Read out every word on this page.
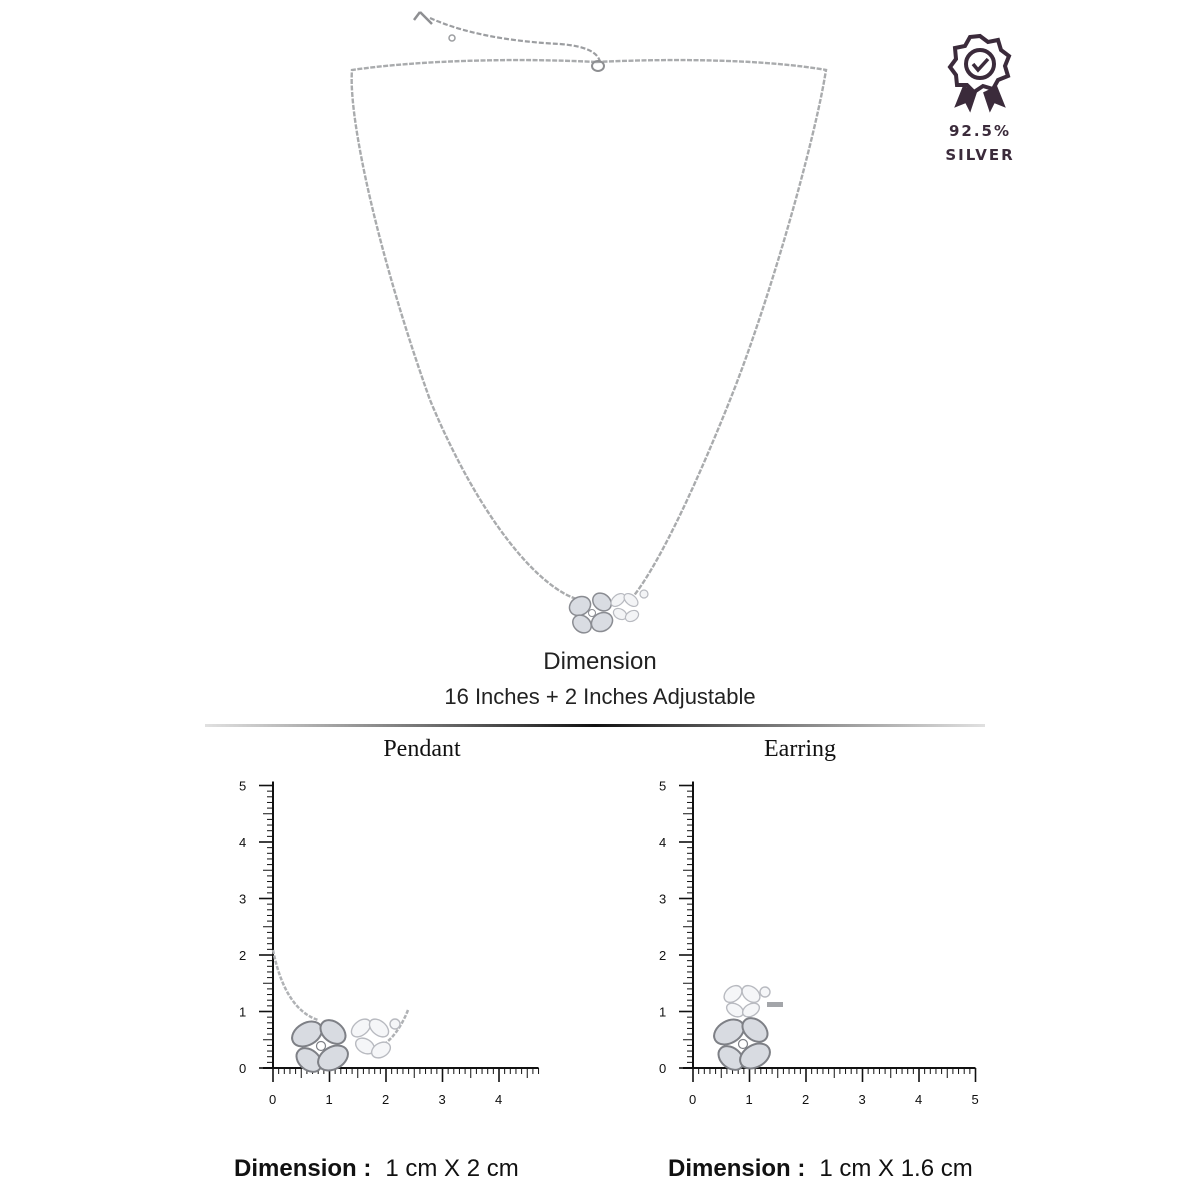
92.5%
SILVER
Dimension
16 Inches + 2 Inches Adjustable
Pendant	Earring
0
1
2
3
4
5
0	1	2	3	4
0
1
2
3
4
5
0	1	2	3	4	5
Dimension : 1 cm X 2 cm	Dimension : 1 cm X 1.6 cm
